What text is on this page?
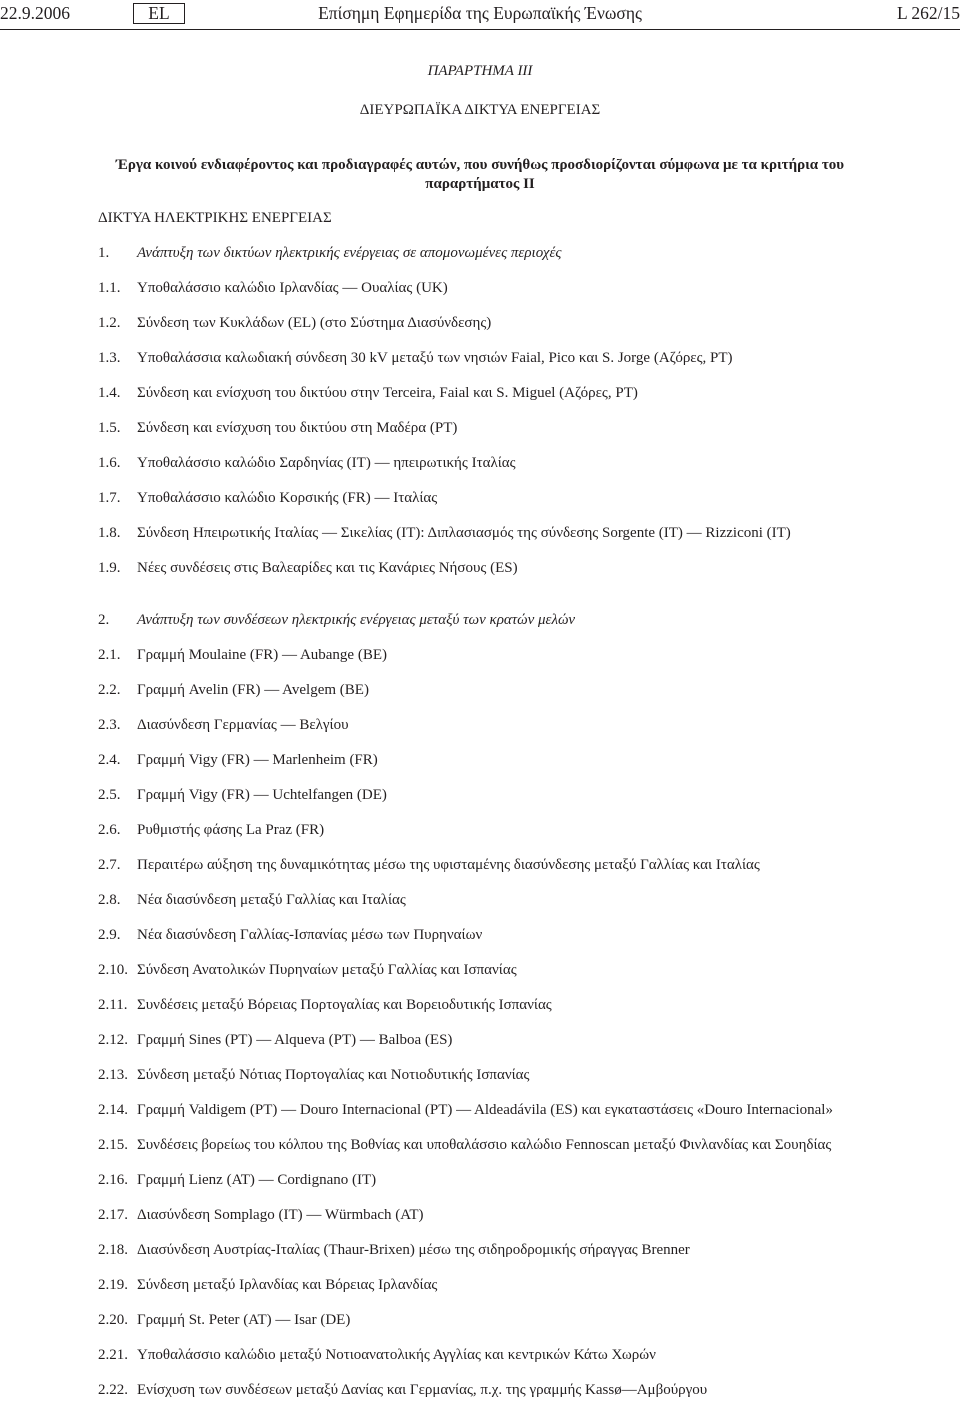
22.9.2006	EL	Επίσημη Εφημερίδα της Ευρωπαϊκής Ένωσης	L 262/15
ΠΑΡΑΡΤΗΜΑ III
ΔΙΕΥΡΩΠΑΪΚΑ ΔΙΚΤΥΑ ΕΝΕΡΓΕΙΑΣ
Έργα κοινού ενδιαφέροντος και προδιαγραφές αυτών, που συνήθως προσδιορίζονται σύμφωνα με τα κριτήρια του
παραρτήματος II
ΔΙΚΤΥΑ ΗΛΕΚΤΡΙΚΗΣ ΕΝΕΡΓΕΙΑΣ
1. Ανάπτυξη των δικτύων ηλεκτρικής ενέργειας σε απομονωμένες περιοχές
1.1. Υποθαλάσσιο καλώδιο Ιρλανδίας — Ουαλίας (UK)
1.2. Σύνδεση των Κυκλάδων (EL) (στο Σύστημα Διασύνδεσης)
1.3. Υποθαλάσσια καλωδιακή σύνδεση 30 kV μεταξύ των νησιών Faial, Pico και S. Jorge (Αζόρες, PT)
1.4. Σύνδεση και ενίσχυση του δικτύου στην Terceira, Faial και S. Miguel (Αζόρες, PT)
1.5. Σύνδεση και ενίσχυση του δικτύου στη Μαδέρα (PT)
1.6. Υποθαλάσσιο καλώδιο Σαρδηνίας (IT) — ηπειρωτικής Ιταλίας
1.7. Υποθαλάσσιο καλώδιο Κορσικής (FR) — Ιταλίας
1.8. Σύνδεση Ηπειρωτικής Ιταλίας — Σικελίας (IT): Διπλασιασμός της σύνδεσης Sorgente (IT) — Rizziconi (IT)
1.9. Νέες συνδέσεις στις Βαλεαρίδες και τις Κανάριες Νήσους (ES)
2. Ανάπτυξη των συνδέσεων ηλεκτρικής ενέργειας μεταξύ των κρατών μελών
2.1. Γραμμή Moulaine (FR) — Aubange (BE)
2.2. Γραμμή Avelin (FR) — Avelgem (BE)
2.3. Διασύνδεση Γερμανίας — Βελγίου
2.4. Γραμμή Vigy (FR) — Marlenheim (FR)
2.5. Γραμμή Vigy (FR) — Uchtelfangen (DE)
2.6. Ρυθμιστής φάσης La Praz (FR)
2.7. Περαιτέρω αύξηση της δυναμικότητας μέσω της υφισταμένης διασύνδεσης μεταξύ Γαλλίας και Ιταλίας
2.8. Νέα διασύνδεση μεταξύ Γαλλίας και Ιταλίας
2.9. Νέα διασύνδεση Γαλλίας-Ισπανίας μέσω των Πυρηναίων
2.10. Σύνδεση Ανατολικών Πυρηναίων μεταξύ Γαλλίας και Ισπανίας
2.11. Συνδέσεις μεταξύ Βόρειας Πορτογαλίας και Βορειοδυτικής Ισπανίας
2.12. Γραμμή Sines (PT) — Alqueva (PT) — Balboa (ES)
2.13. Σύνδεση μεταξύ Νότιας Πορτογαλίας και Νοτιοδυτικής Ισπανίας
2.14. Γραμμή Valdigem (PT) — Douro Internacional (PT) — Aldeadávila (ES) και εγκαταστάσεις «Douro Internacional»
2.15. Συνδέσεις βορείως του κόλπου της Βοθνίας και υποθαλάσσιο καλώδιο Fennoscan μεταξύ Φινλανδίας και Σουηδίας
2.16. Γραμμή Lienz (AT) — Cordignano (IT)
2.17. Διασύνδεση Somplago (IT) — Würmbach (AT)
2.18. Διασύνδεση Αυστρίας-Ιταλίας (Thaur-Brixen) μέσω της σιδηροδρομικής σήραγγας Brenner
2.19. Σύνδεση μεταξύ Ιρλανδίας και Βόρειας Ιρλανδίας
2.20. Γραμμή St. Peter (AT) — Isar (DE)
2.21. Υποθαλάσσιο καλώδιο μεταξύ Νοτιοανατολικής Αγγλίας και κεντρικών Κάτω Χωρών
2.22. Ενίσχυση των συνδέσεων μεταξύ Δανίας και Γερμανίας, π.χ. της γραμμής Kassø—Αμβούργου
